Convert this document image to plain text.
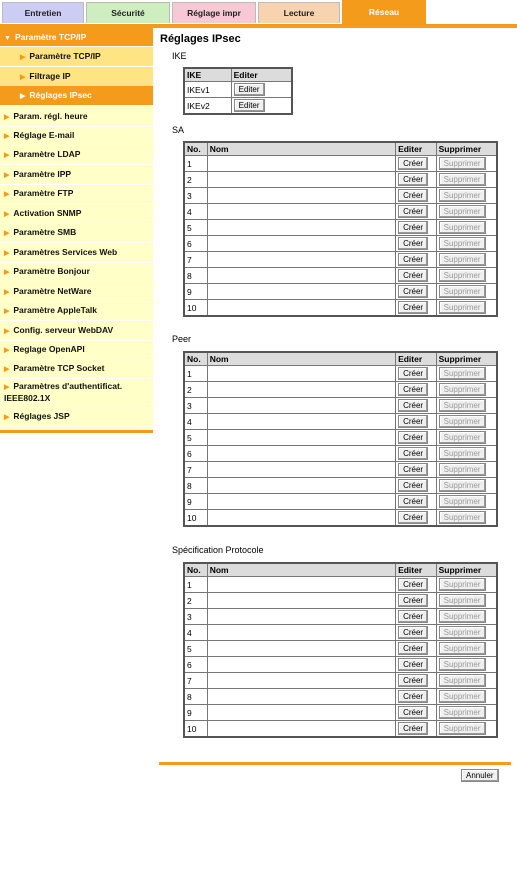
Entretien	Sécurité	Réglage impr	Lecture	Réseau
▼ Paramètre TCP/IP
▶ Paramètre TCP/IP
▶ Filtrage IP
▶ Réglages IPsec
▶ Param. régl. heure
▶ Réglage E-mail
▶ Paramètre LDAP
▶ Paramètre IPP
▶ Paramètre FTP
▶ Activation SNMP
▶ Paramètre SMB
▶ Paramètres Services Web
▶ Paramètre Bonjour
▶ Paramètre NetWare
▶ Paramètre AppleTalk
▶ Config. serveur WebDAV
▶ Reglage OpenAPI
▶ Paramètre TCP Socket
▶ Paramètres d'authentificat. IEEE802.1X
▶ Réglages JSP
Réglages IPsec
IKE
IKE	Editer
IKEv1	Editer
IKEv2	Editer
SA
No.	Nom	Editer	Supprimer
1		Créer	Supprimer
2		Créer	Supprimer
3		Créer	Supprimer
4		Créer	Supprimer
5		Créer	Supprimer
6		Créer	Supprimer
7		Créer	Supprimer
8		Créer	Supprimer
9		Créer	Supprimer
10		Créer	Supprimer
Peer
No.	Nom	Editer	Supprimer
1		Créer	Supprimer
2		Créer	Supprimer
3		Créer	Supprimer
4		Créer	Supprimer
5		Créer	Supprimer
6		Créer	Supprimer
7		Créer	Supprimer
8		Créer	Supprimer
9		Créer	Supprimer
10		Créer	Supprimer
Spécification Protocole
No.	Nom	Editer	Supprimer
1		Créer	Supprimer
2		Créer	Supprimer
3		Créer	Supprimer
4		Créer	Supprimer
5		Créer	Supprimer
6		Créer	Supprimer
7		Créer	Supprimer
8		Créer	Supprimer
9		Créer	Supprimer
10		Créer	Supprimer
Annuler
